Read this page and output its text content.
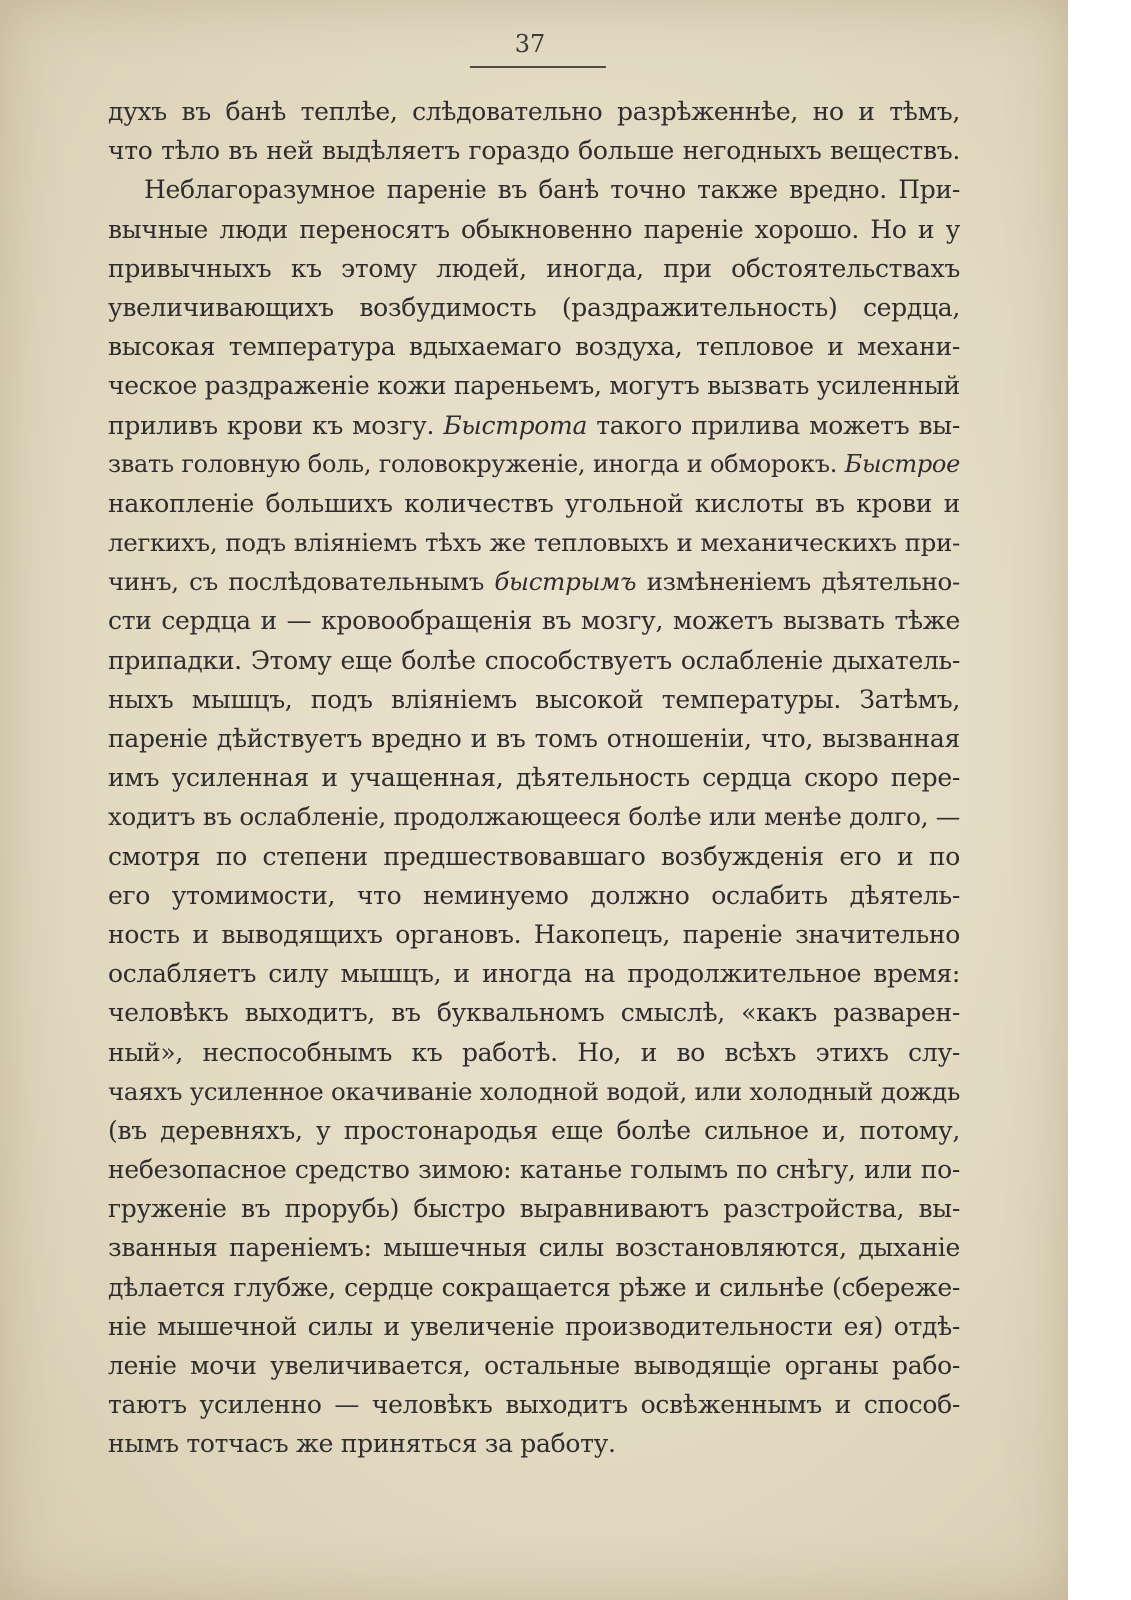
37
духъ въ банѣ теплѣе, слѣдовательно разрѣженнѣе, но и тѣмъ,
что тѣло въ ней выдѣляетъ гораздо больше негодныхъ веществъ.
Неблагоразумное пареніе въ банѣ точно также вредно. При-
вычные люди переносятъ обыкновенно пареніе хорошо. Но и у
привычныхъ къ этому людей, иногда, при обстоятельствахъ
увеличивающихъ возбудимость (раздражительность) сердца,
высокая температура вдыхаемаго воздуха, тепловое и механи-
ческое раздраженіе кожи пареньемъ, могутъ вызвать усиленный
приливъ крови къ мозгу. Быстрота такого прилива можетъ вы-
звать головную боль, головокруженіе, иногда и обморокъ. Быстрое
накопленіе большихъ количествъ угольной кислоты въ крови и
легкихъ, подъ вліяніемъ тѣхъ же тепловыхъ и механическихъ при-
чинъ, съ послѣдовательнымъ быстрымъ измѣненіемъ дѣятельно-
сти сердца и — кровообращенія въ мозгу, можетъ вызвать тѣже
припадки. Этому еще болѣе способствуетъ ослабленіе дыхатель-
ныхъ мышцъ, подъ вліяніемъ высокой температуры. Затѣмъ,
пареніе дѣйствуетъ вредно и въ томъ отношеніи, что, вызванная
имъ усиленная и учащенная, дѣятельность сердца скоро пере-
ходитъ въ ослабленіе, продолжающееся болѣе или менѣе долго, —
смотря по степени предшествовавшаго возбужденія его и по
его утомимости, что неминуемо должно ослабить дѣятель-
ность и выводящихъ органовъ. Накопецъ, пареніе значительно
ослабляетъ силу мышцъ, и иногда на продолжительное время:
человѣкъ выходитъ, въ буквальномъ смыслѣ, «какъ разварен-
ный», неспособнымъ къ работѣ. Но, и во всѣхъ этихъ слу-
чаяхъ усиленное окачиваніе холодной водой, или холодный дождь
(въ деревняхъ, у простонародья еще болѣе сильное и, потому,
небезопасное средство зимою: катанье голымъ по снѣгу, или по-
груженіе въ прорубь) быстро выравниваютъ разстройства, вы-
званныя пареніемъ: мышечныя силы возстановляются, дыханіе
дѣлается глубже, сердце сокращается рѣже и сильнѣе (сбереже-
ніе мышечной силы и увеличеніе производительности ея) отдѣ-
леніе мочи увеличивается, остальные выводящіе органы рабо-
таютъ усиленно — человѣкъ выходитъ освѣженнымъ и способ-
нымъ тотчасъ же приняться за работу.
